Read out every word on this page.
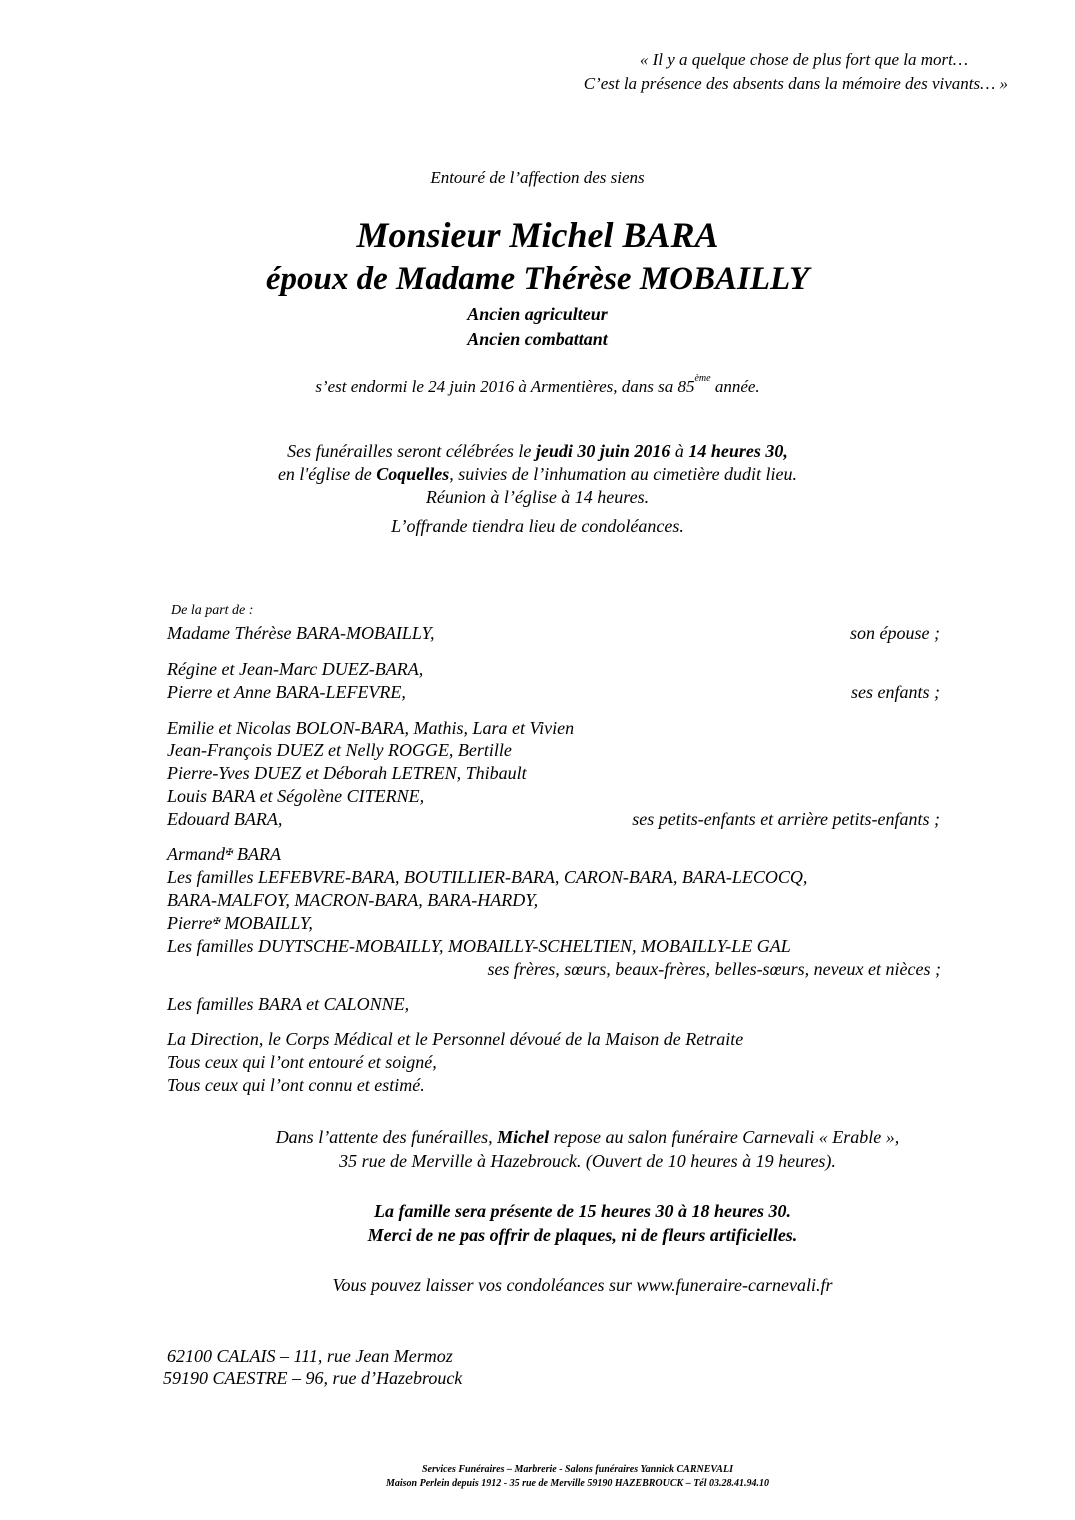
« Il y a quelque chose de plus fort que la mort…
C’est la présence des absents dans la mémoire des vivants… »
Entouré de l’affection des siens
Monsieur Michel BARA
époux de Madame Thérèse MOBAILLY
Ancien agriculteur
Ancien combattant
s’est endormi le 24 juin 2016 à Armentières, dans sa 85ème année.
Ses funérailles seront célébrées le jeudi 30 juin 2016 à 14 heures 30,
en l'église de Coquelles, suivies de l’inhumation au cimetière dudit lieu.
Réunion à l’église à 14 heures.
L’offrande tiendra lieu de condoléances.
De la part de :
Madame Thérèse BARA-MOBAILLY,	son épouse ;
Régine et Jean-Marc DUEZ-BARA,
Pierre et Anne BARA-LEFEVRE,	ses enfants ;
Emilie et Nicolas BOLON-BARA, Mathis, Lara et Vivien
Jean-François DUEZ et Nelly ROGGE, Bertille
Pierre-Yves DUEZ et Déborah LETREN, Thibault
Louis BARA et Ségolène CITERNE,
Edouard BARA,	ses petits-enfants et arrière petits-enfants ;
Armand✠ BARA
Les familles LEFEBVRE-BARA, BOUTILLIER-BARA, CARON-BARA, BARA-LECOCQ,
BARA-MALFOY, MACRON-BARA, BARA-HARDY,
Pierre✠ MOBAILLY,
Les familles DUYTSCHE-MOBAILLY, MOBAILLY-SCHELTIEN, MOBAILLY-LE GAL
ses frères, sœurs, beaux-frères, belles-sœurs, neveux et nièces ;
Les familles BARA et CALONNE,
La Direction, le Corps Médical et le Personnel dévoué de la Maison de Retraite
Tous ceux qui l’ont entouré et soigné,
Tous ceux qui l’ont connu et estimé.
Dans l’attente des funérailles, Michel repose au salon funéraire Carnevali « Erable »,
35 rue de Merville à Hazebrouck. (Ouvert de 10 heures à 19 heures).
La famille sera présente de 15 heures 30 à 18 heures 30.
Merci de ne pas offrir de plaques, ni de fleurs artificielles.
Vous pouvez laisser vos condoléances sur www.funeraire-carnevali.fr
62100 CALAIS – 111, rue Jean Mermoz
59190 CAESTRE – 96, rue d’Hazebrouck
Services Funéraires – Marbrerie - Salons funéraires Yannick CARNEVALI
Maison Perlein depuis 1912 - 35 rue de Merville 59190 HAZEBROUCK – Tél 03.28.41.94.10
